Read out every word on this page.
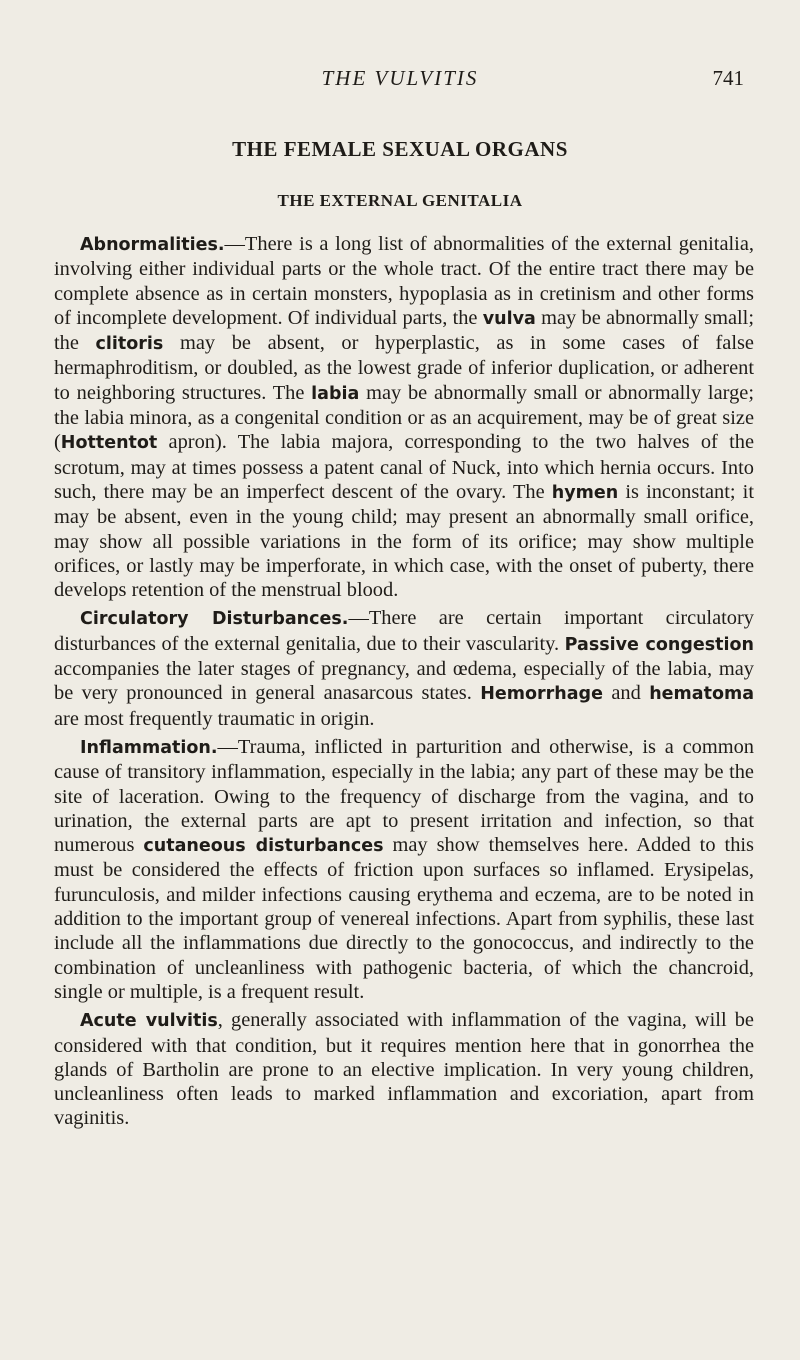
THE VULVITIS	741
THE FEMALE SEXUAL ORGANS
THE EXTERNAL GENITALIA

Abnormalities.—There is a long list of abnormalities of the external genitalia, involving either individual parts or the whole tract. Of the entire tract there may be complete absence as in certain monsters, hypoplasia as in cretinism and other forms of incomplete development. Of individual parts, the vulva may be abnormally small; the clitoris may be absent, or hyperplastic, as in some cases of false hermaphroditism, or doubled, as the lowest grade of inferior duplication, or adherent to neighboring structures. The labia may be abnormally small or abnormally large; the labia minora, as a congenital condition or as an acquirement, may be of great size (Hottentot apron). The labia majora, corresponding to the two halves of the scrotum, may at times possess a patent canal of Nuck, into which hernia occurs. Into such, there may be an imperfect descent of the ovary. The hymen is inconstant; it may be absent, even in the young child; may present an abnormally small orifice, may show all possible variations in the form of its orifice; may show multiple orifices, or lastly may be imperforate, in which case, with the onset of puberty, there develops retention of the menstrual blood.

Circulatory Disturbances.—There are certain important circulatory disturbances of the external genitalia, due to their vascularity. Passive congestion accompanies the later stages of pregnancy, and œdema, especially of the labia, may be very pronounced in general anasarcous states. Hemorrhage and hematoma are most frequently traumatic in origin.

Inflammation.—Trauma, inflicted in parturition and otherwise, is a common cause of transitory inflammation, especially in the labia; any part of these may be the site of laceration. Owing to the frequency of discharge from the vagina, and to urination, the external parts are apt to present irritation and infection, so that numerous cutaneous disturbances may show themselves here. Added to this must be considered the effects of friction upon surfaces so inflamed. Erysipelas, furunculosis, and milder infections causing erythema and eczema, are to be noted in addition to the important group of venereal infections. Apart from syphilis, these last include all the inflammations due directly to the gonococcus, and indirectly to the combination of uncleanliness with pathogenic bacteria, of which the chancroid, single or multiple, is a frequent result.

Acute vulvitis, generally associated with inflammation of the vagina, will be considered with that condition, but it requires mention here that in gonorrhea the glands of Bartholin are prone to an elective implication. In very young children, uncleanliness often leads to marked inflammation and excoriation, apart from vaginitis.
